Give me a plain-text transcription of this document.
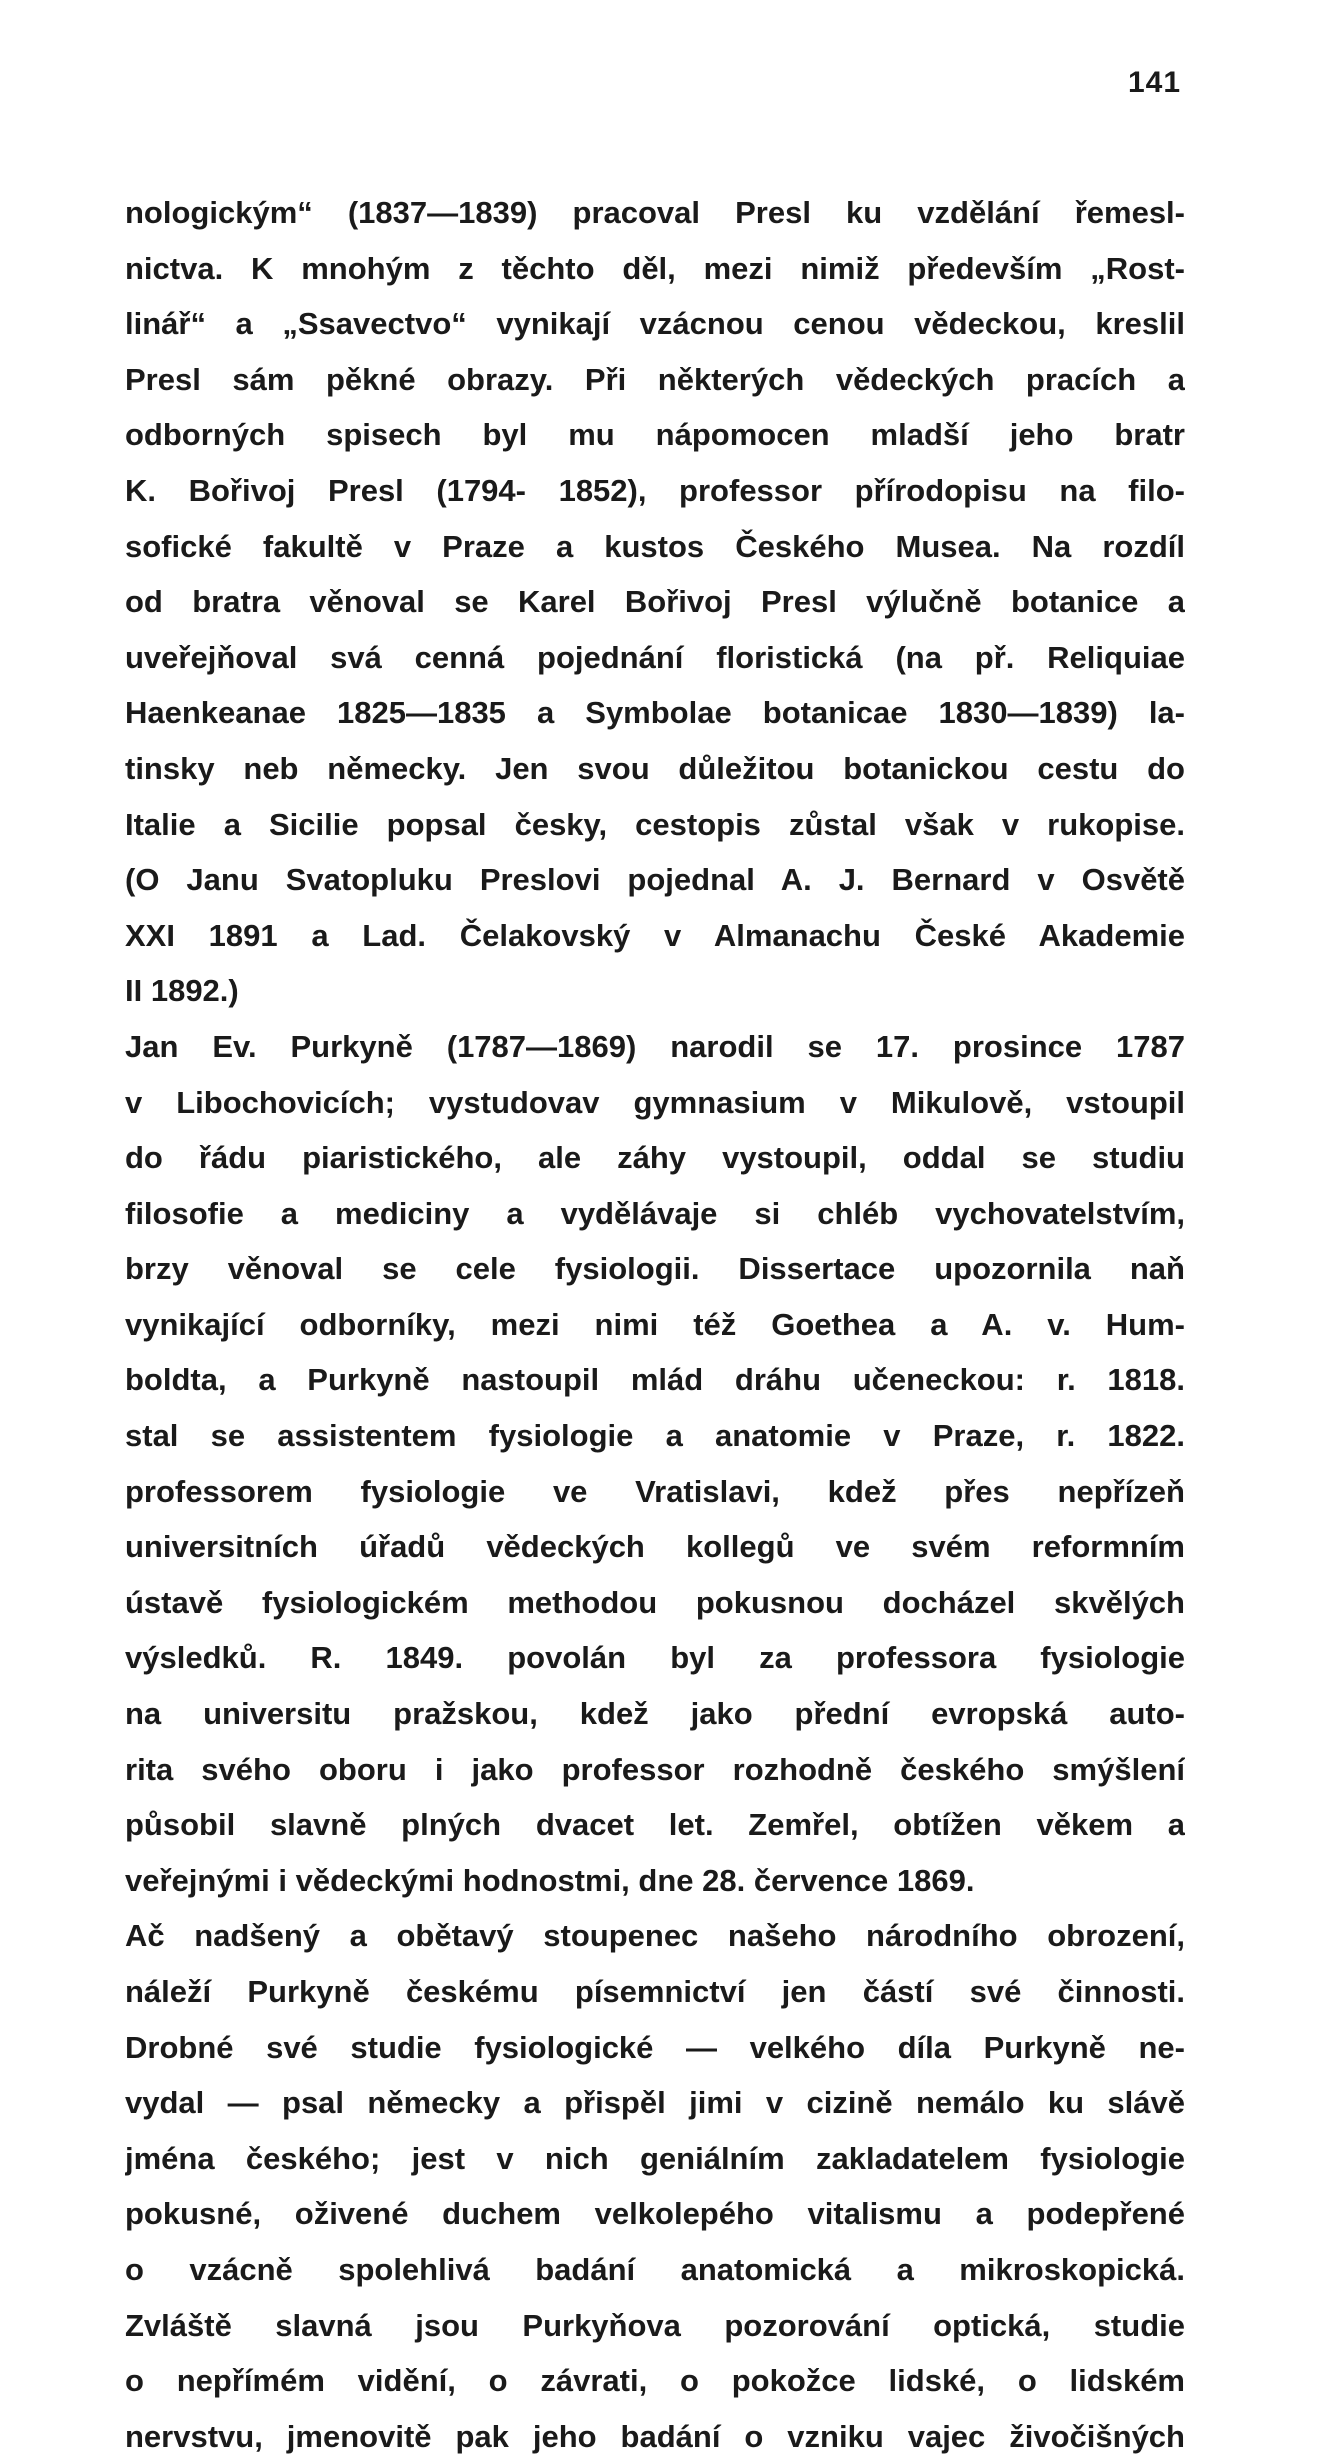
141
nologickým“ (1837—1839) pracoval Presl ku vzdělání řemesl-
nictva. K mnohým z těchto děl, mezi nimiž především „Rost-
linář“ a „Ssavectvo“ vynikají vzácnou cenou vědeckou, kreslil
Presl sám pěkné obrazy. Při některých vědeckých pracích a
odborných spisech byl mu nápomocen mladší jeho bratr
K. Bořivoj Presl (1794- 1852), professor přírodopisu na filo-
sofické fakultě v Praze a kustos Českého Musea. Na rozdíl
od bratra věnoval se Karel Bořivoj Presl výlučně botanice a
uveřejňoval svá cenná pojednání floristická (na př. Reliquiae
Haenkeanae 1825—1835 a Symbolae botanicae 1830—1839) la-
tinsky neb německy. Jen svou důležitou botanickou cestu do
Italie a Sicilie popsal česky, cestopis zůstal však v rukopise.
(O Janu Svatopluku Preslovi pojednal A. J. Bernard v Osvětě
XXI 1891 a Lad. Čelakovský v Almanachu České Akademie
II 1892.)
Jan Ev. Purkyně (1787—1869) narodil se 17. prosince 1787
v Libochovicích; vystudovav gymnasium v Mikulově, vstoupil
do řádu piaristického, ale záhy vystoupil, oddal se studiu
filosofie a mediciny a vydělávaje si chléb vychovatelstvím,
brzy věnoval se cele fysiologii. Dissertace upozornila naň
vynikající odborníky, mezi nimi též Goethea a A. v. Hum-
boldta, a Purkyně nastoupil mlád dráhu učeneckou: r. 1818.
stal se assistentem fysiologie a anatomie v Praze, r. 1822.
professorem fysiologie ve Vratislavi, kdež přes nepřízeň
universitních úřadů vědeckých kollegů ve svém reformním
ústavě fysiologickém methodou pokusnou docházel skvělých
výsledků. R. 1849. povolán byl za professora fysiologie
na universitu pražskou, kdež jako přední evropská auto-
rita svého oboru i jako professor rozhodně českého smýšlení
působil slavně plných dvacet let. Zemřel, obtížen věkem a
veřejnými i vědeckými hodnostmi, dne 28. července 1869.
Ač nadšený a obětavý stoupenec našeho národního obrození,
náleží Purkyně českému písemnictví jen částí své činnosti.
Drobné své studie fysiologické — velkého díla Purkyně ne-
vydal — psal německy a přispěl jimi v cizině nemálo ku slávě
jména českého; jest v nich geniálním zakladatelem fysiologie
pokusné, oživené duchem velkolepého vitalismu a podepřené
o vzácně spolehlivá badání anatomická a mikroskopická.
Zvláště slavná jsou Purkyňova pozorování optická, studie
o nepřímém vidění, o závrati, o pokožce lidské, o lidském
nervstvu, jmenovitě pak jeho badání o vzniku vajec živočišných
